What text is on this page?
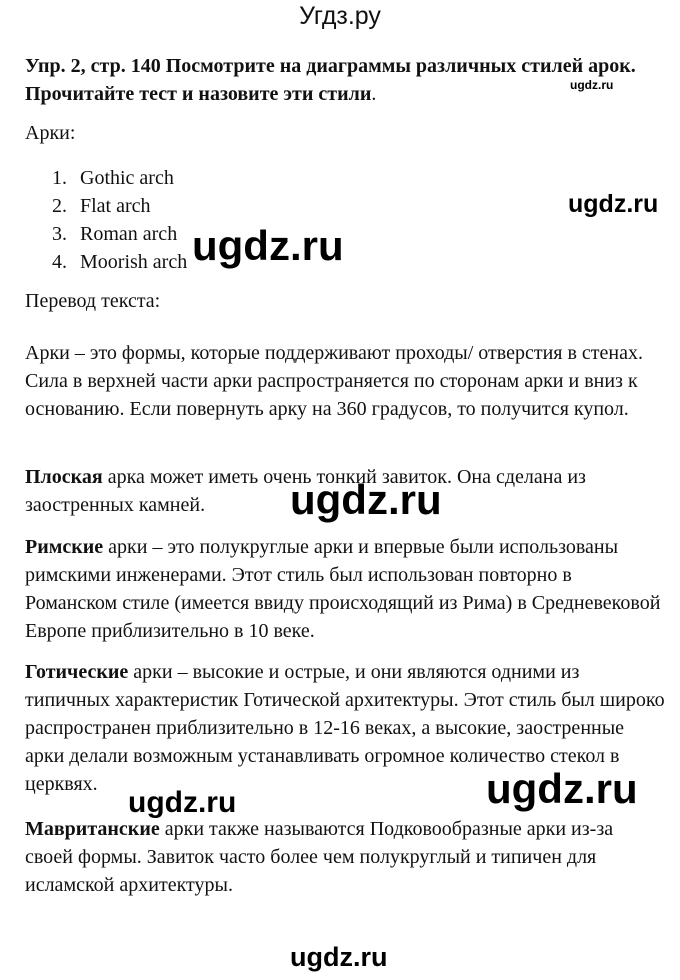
Угдз.ру
Упр. 2, стр. 140 Посмотрите на диаграммы различных стилей арок. Прочитайте тест и назовите эти стили.	ugdz.ru
Арки:
1. Gothic arch
2. Flat arch
3. Roman arch
4. Moorish arch
ugdz.ru
ugdz.ru
Перевод текста:
Арки – это формы, которые поддерживают проходы/ отверстия в стенах. Сила в верхней части арки распространяется по сторонам арки и вниз к основанию. Если повернуть арку на 360 градусов, то получится купол.
Плоская арка может иметь очень тонкий завиток. Она сделана из заостренных камней.	ugdz.ru
Римские арки – это полукруглые арки и впервые были использованы римскими инженерами. Этот стиль был использован повторно в Романском стиле (имеется ввиду происходящий из Рима) в Средневековой Европе приблизительно в 10 веке.
Готические арки – высокие и острые, и они являются одними из типичных характеристик Готической архитектуры. Этот стиль был широко распространен приблизительно в 12-16 веках, а высокие, заостренные арки делали возможным устанавливать огромное количество стекол в церквях.	ugdz.ru
ugdz.ru
Мавританские арки также называются Подковообразные арки из-за своей формы. Завиток часто более чем полукруглый и типичен для исламской архитектуры.
ugdz.ru
